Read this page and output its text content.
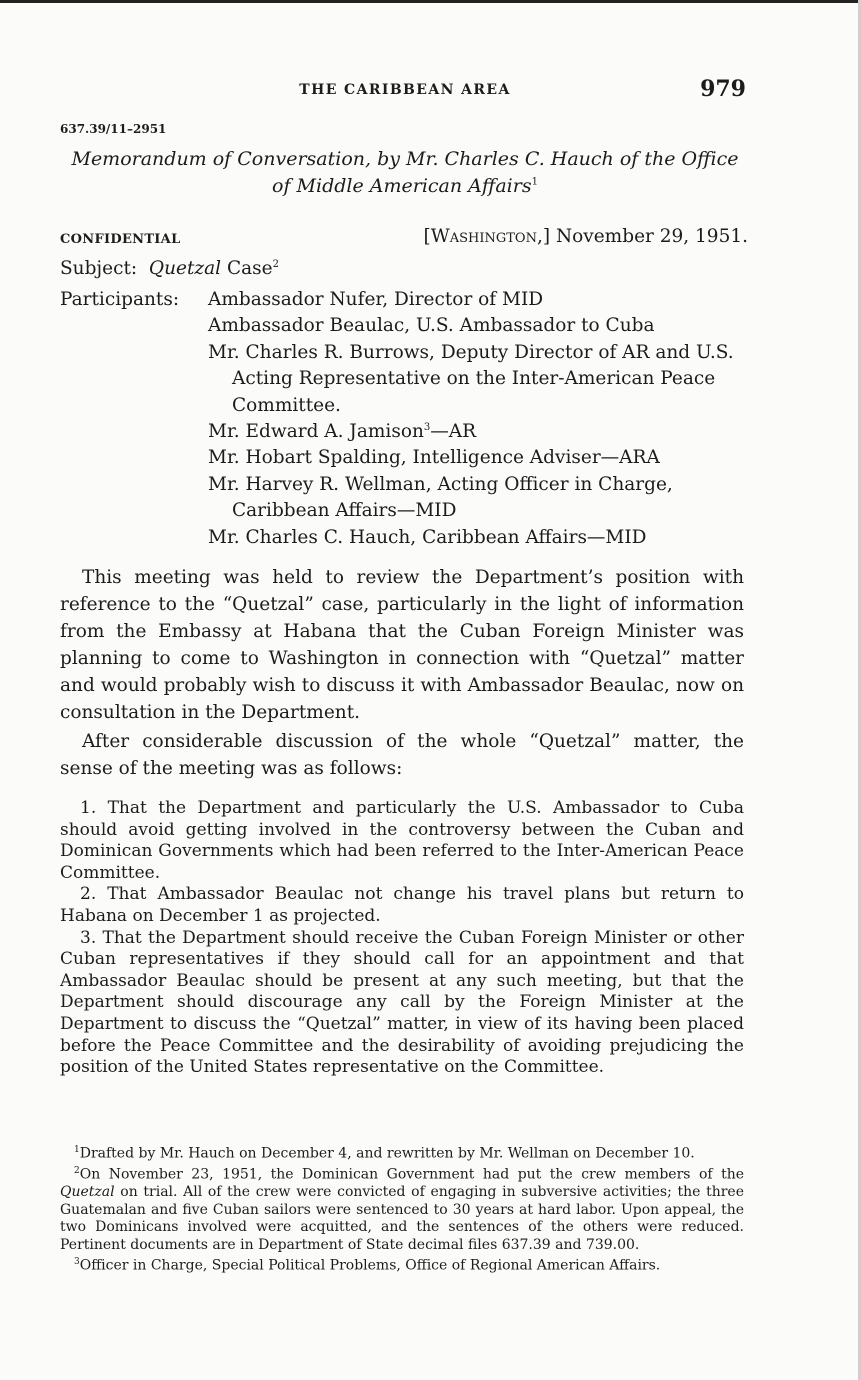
THE CARIBBEAN AREA	979
637.39/11–2951
Memorandum of Conversation, by Mr. Charles C. Hauch of the Office
of Middle American Affairs$^1$
CONFIDENTIAL	[Washington,] November 29, 1951.
Subject: Quetzal Case$^2$
Participants: Ambassador Nufer, Director of MID
Ambassador Beaulac, U.S. Ambassador to Cuba
Mr. Charles R. Burrows, Deputy Director of AR and U.S. Acting Representative on the Inter-American Peace Committee.
Mr. Edward A. Jamison$^3$—AR
Mr. Hobart Spalding, Intelligence Adviser—ARA
Mr. Harvey R. Wellman, Acting Officer in Charge, Caribbean Affairs—MID
Mr. Charles C. Hauch, Caribbean Affairs—MID
This meeting was held to review the Department’s position with reference to the “Quetzal” case, particularly in the light of information from the Embassy at Habana that the Cuban Foreign Minister was planning to come to Washington in connection with “Quetzal” matter and would probably wish to discuss it with Ambassador Beaulac, now on consultation in the Department.
After considerable discussion of the whole “Quetzal” matter, the sense of the meeting was as follows:

1. That the Department and particularly the U.S. Ambassador to Cuba should avoid getting involved in the controversy between the Cuban and Dominican Governments which had been referred to the Inter-American Peace Committee.

2. That Ambassador Beaulac not change his travel plans but return to Habana on December 1 as projected.

3. That the Department should receive the Cuban Foreign Minister or other Cuban representatives if they should call for an appointment and that Ambassador Beaulac should be present at any such meeting, but that the Department should discourage any call by the Foreign Minister at the Department to discuss the “Quetzal” matter, in view of its having been placed before the Peace Committee and the desirability of avoiding prejudicing the position of the United States representative on the Committee.

$^1$Drafted by Mr. Hauch on December 4, and rewritten by Mr. Wellman on December 10.

$^2$On November 23, 1951, the Dominican Government had put the crew members of the Quetzal on trial. All of the crew were convicted of engaging in subversive activities; the three Guatemalan and five Cuban sailors were sentenced to 30 years at hard labor. Upon appeal, the two Dominicans involved were acquitted, and the sentences of the others were reduced. Pertinent documents are in Department of State decimal files 637.39 and 739.00.

$^3$Officer in Charge, Special Political Problems, Office of Regional American Affairs.
